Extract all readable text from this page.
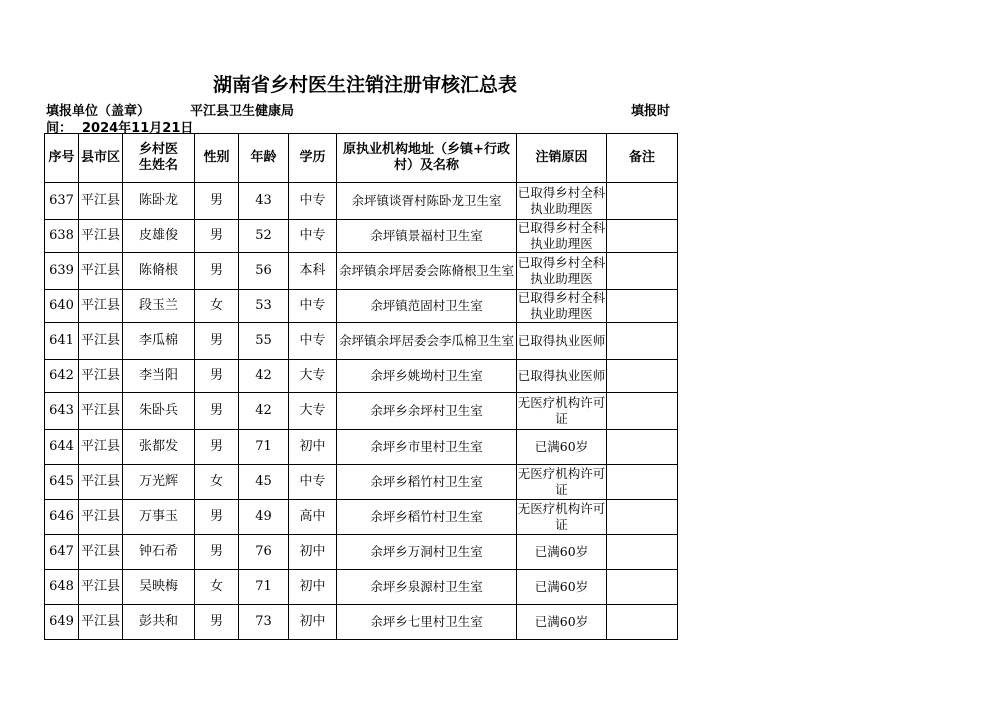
湖南省乡村医生注销注册审核汇总表
填报单位（盖章）	平江县卫生健康局	填报时
间： 2024年11月21日
序号	县市区	乡村医生姓名	性别	年龄	学历	原执业机构地址（乡镇+行政村）及名称	注销原因	备注
637	平江县	陈卧龙	男	43	中专	余坪镇谈胥村陈卧龙卫生室	已取得乡村全科执业助理医	
638	平江县	皮雄俊	男	52	中专	余坪镇景福村卫生室	已取得乡村全科执业助理医	
639	平江县	陈脩根	男	56	本科	余坪镇余坪居委会陈脩根卫生室	已取得乡村全科执业助理医	
640	平江县	段玉兰	女	53	中专	余坪镇范固村卫生室	已取得乡村全科执业助理医	
641	平江县	李瓜棉	男	55	中专	余坪镇余坪居委会李瓜棉卫生室	已取得执业医师	
642	平江县	李当阳	男	42	大专	余坪乡姚坳村卫生室	已取得执业医师	
643	平江县	朱卧兵	男	42	大专	余坪乡余坪村卫生室	无医疗机构许可证	
644	平江县	张都发	男	71	初中	余坪乡市里村卫生室	已满60岁	
645	平江县	万光辉	女	45	中专	余坪乡稻竹村卫生室	无医疗机构许可证	
646	平江县	万事玉	男	49	高中	余坪乡稻竹村卫生室	无医疗机构许可证	
647	平江县	钟石希	男	76	初中	余坪乡万洞村卫生室	已满60岁	
648	平江县	吴映梅	女	71	初中	余坪乡泉源村卫生室	已满60岁	
649	平江县	彭共和	男	73	初中	余坪乡七里村卫生室	已满60岁	
